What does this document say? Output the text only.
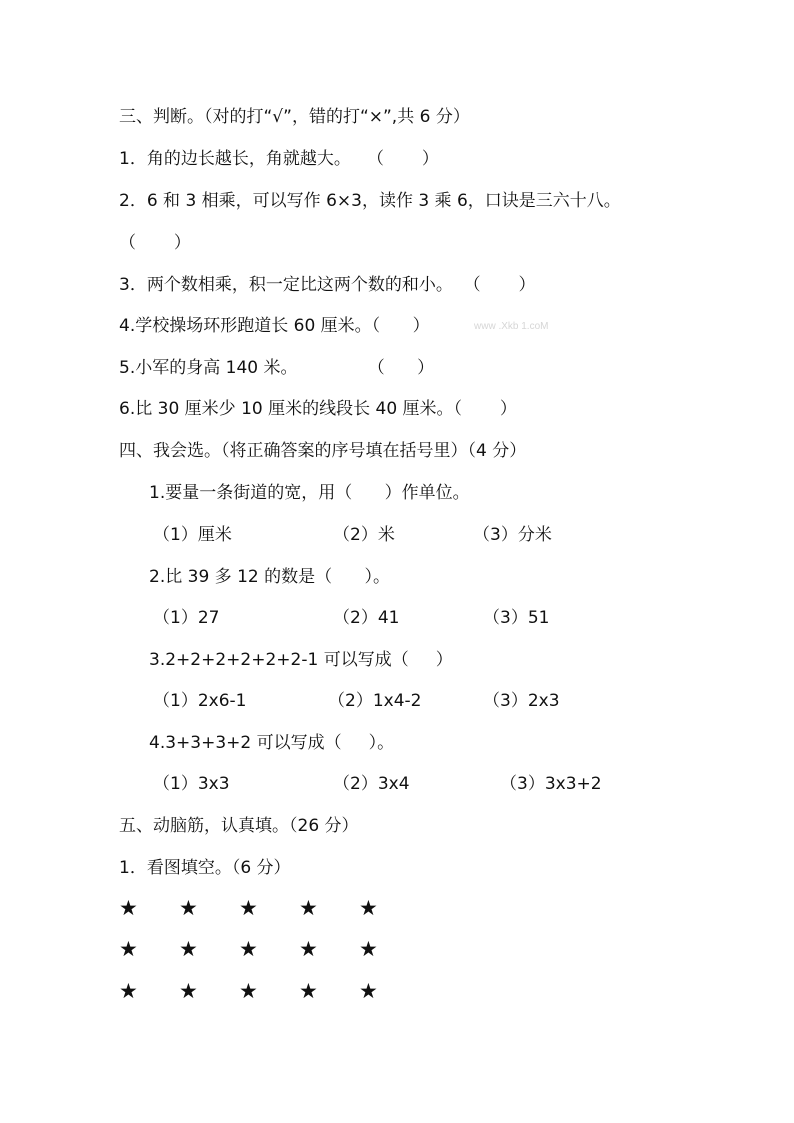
三、判断。（对的打“√”，错的打“×”,共 6 分）
1．角的边长越长，角就越大。   （       ）
2．6 和 3 相乘，可以写作 6×3，读作 3 乘 6，口诀是三六十八。
（       ）
3．两个数相乘，积一定比这两个数的和小。  （       ）
4.学校操场环形跑道长 60 厘米。（      ）	www .Xkb 1.coM
5.小军的身高 140 米。             （      ）
6.比 30 厘米少 10 厘米的线段长 40 厘米。（       ）
四、我会选。（将正确答案的序号填在括号里）（4 分）
1.要量一条街道的宽，用（      ）作单位。
（1）厘米	（2）米	（3）分米
2.比 39 多 12 的数是（      ）。
（1）27	（2）41	（3）51
3.2+2+2+2+2+2-1 可以写成（     ）
（1）2x6-1	（2）1x4-2	（3）2x3
4.3+3+3+2 可以写成（     ）。
（1）3x3	（2）3x4	（3）3x3+2
五、动脑筋，认真填。（26 分）
1．看图填空。（6 分）
★	★	★	★	★
★	★	★	★	★
★	★	★	★	★
